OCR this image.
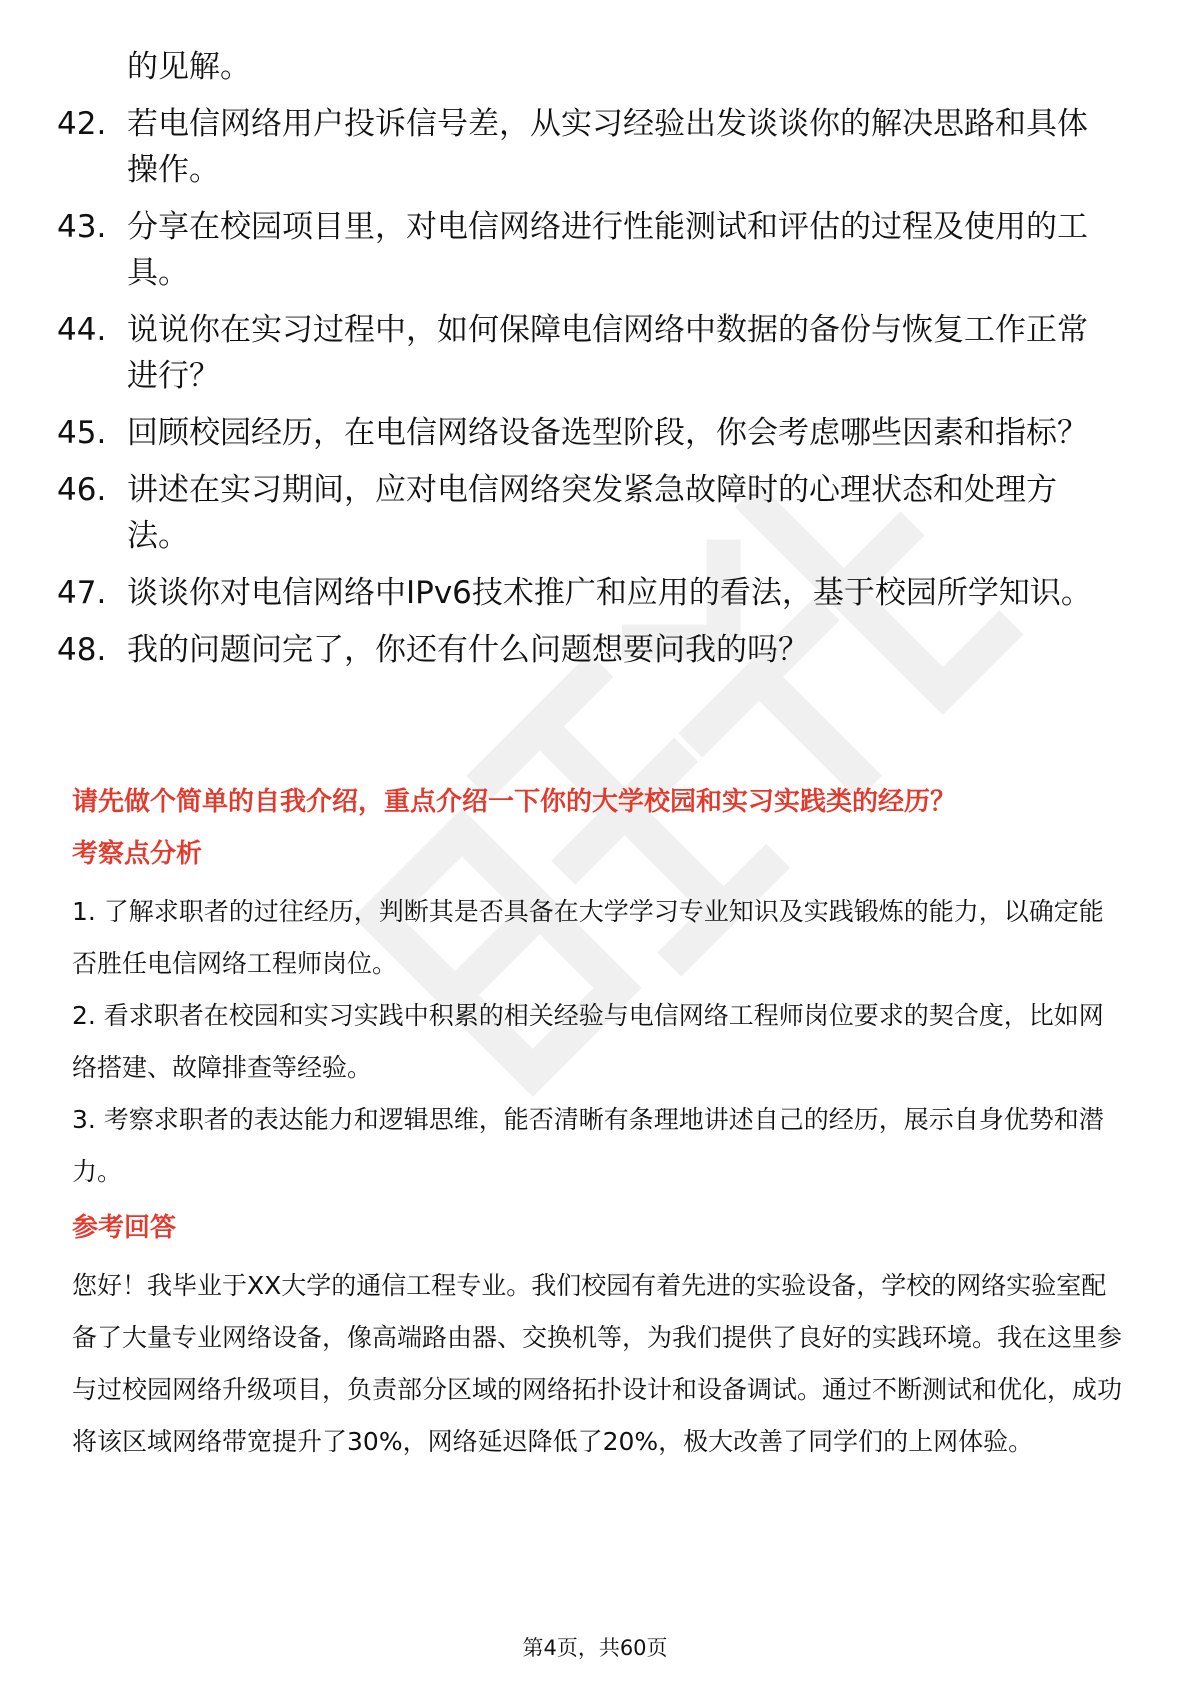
的见解。
42. 若电信网络用户投诉信号差，从实习经验出发谈谈你的解决思路和具体操作。
43. 分享在校园项目里，对电信网络进行性能测试和评估的过程及使用的工具。
44. 说说你在实习过程中，如何保障电信网络中数据的备份与恢复工作正常进行？
45. 回顾校园经历，在电信网络设备选型阶段，你会考虑哪些因素和指标？
46. 讲述在实习期间，应对电信网络突发紧急故障时的心理状态和处理方法。
47. 谈谈你对电信网络中IPv6技术推广和应用的看法，基于校园所学知识。
48. 我的问题问完了，你还有什么问题想要问我的吗？
请先做个简单的自我介绍，重点介绍一下你的大学校园和实习实践类的经历？
考察点分析
1. 了解求职者的过往经历，判断其是否具备在大学学习专业知识及实践锻炼的能力，以确定能否胜任电信网络工程师岗位。
2. 看求职者在校园和实习实践中积累的相关经验与电信网络工程师岗位要求的契合度，比如网络搭建、故障排查等经验。
3. 考察求职者的表达能力和逻辑思维，能否清晰有条理地讲述自己的经历，展示自身优势和潜力。
参考回答
您好！我毕业于XX大学的通信工程专业。我们校园有着先进的实验设备，学校的网络实验室配备了大量专业网络设备，像高端路由器、交换机等，为我们提供了良好的实践环境。我在这里参与过校园网络升级项目，负责部分区域的网络拓扑设计和设备调试。通过不断测试和优化，成功将该区域网络带宽提升了30%，网络延迟降低了20%，极大改善了同学们的上网体验。
第4页，共60页
